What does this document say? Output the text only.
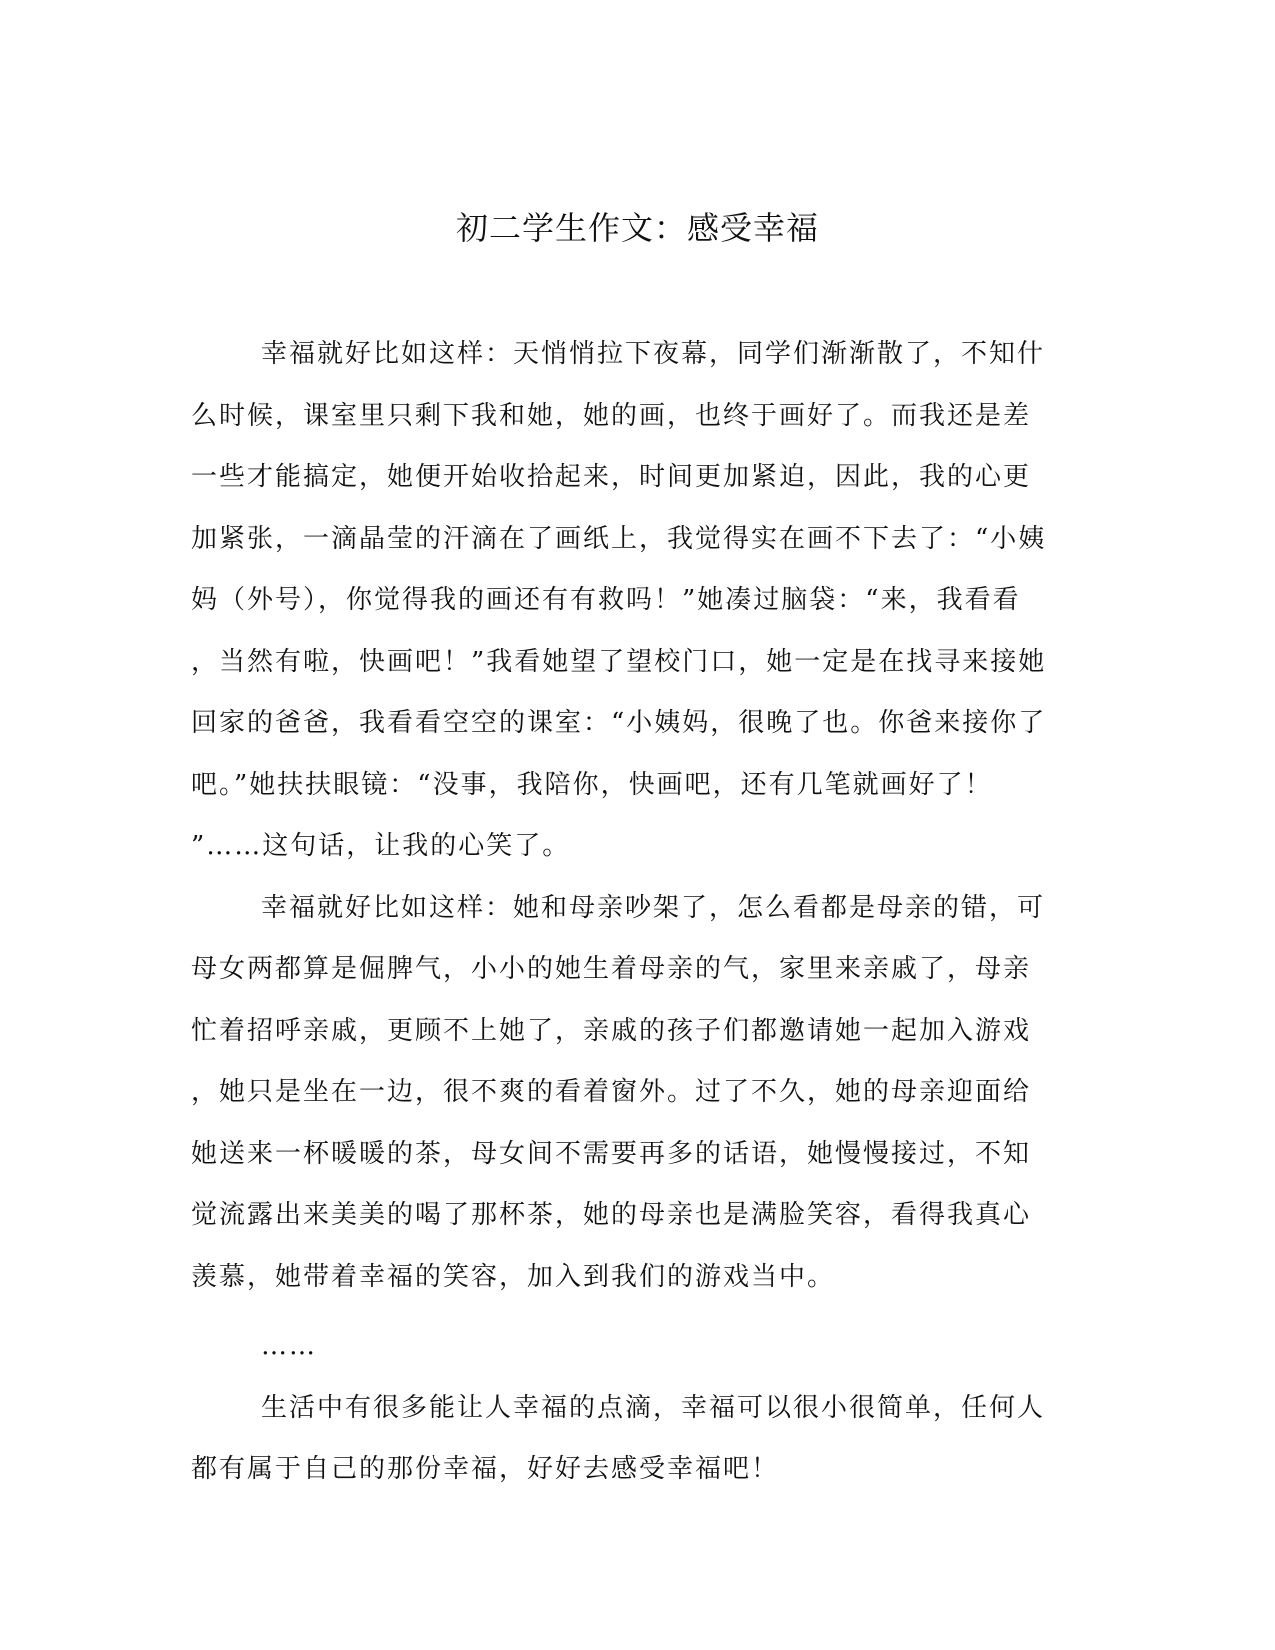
初二学生作文：感受幸福
幸福就好比如这样：天悄悄拉下夜幕，同学们渐渐散了，不知什
么时候，课室里只剩下我和她，她的画，也终于画好了。而我还是差
一些才能搞定，她便开始收拾起来，时间更加紧迫，因此，我的心更
加紧张，一滴晶莹的汗滴在了画纸上，我觉得实在画不下去了：“小姨
妈（外号），你觉得我的画还有有救吗！”她凑过脑袋：“来，我看看
，当然有啦，快画吧！”我看她望了望校门口，她一定是在找寻来接她
回家的爸爸，我看看空空的课室：“小姨妈，很晚了也。你爸来接你了
吧。”她扶扶眼镜：“没事，我陪你，快画吧，还有几笔就画好了！
”……这句话，让我的心笑了。
幸福就好比如这样：她和母亲吵架了，怎么看都是母亲的错，可
母女两都算是倔脾气，小小的她生着母亲的气，家里来亲戚了，母亲
忙着招呼亲戚，更顾不上她了，亲戚的孩子们都邀请她一起加入游戏
，她只是坐在一边，很不爽的看着窗外。过了不久，她的母亲迎面给
她送来一杯暖暖的茶，母女间不需要再多的话语，她慢慢接过，不知
觉流露出来美美的喝了那杯茶，她的母亲也是满脸笑容，看得我真心
羡慕，她带着幸福的笑容，加入到我们的游戏当中。
……
生活中有很多能让人幸福的点滴，幸福可以很小很简单，任何人
都有属于自己的那份幸福，好好去感受幸福吧！
